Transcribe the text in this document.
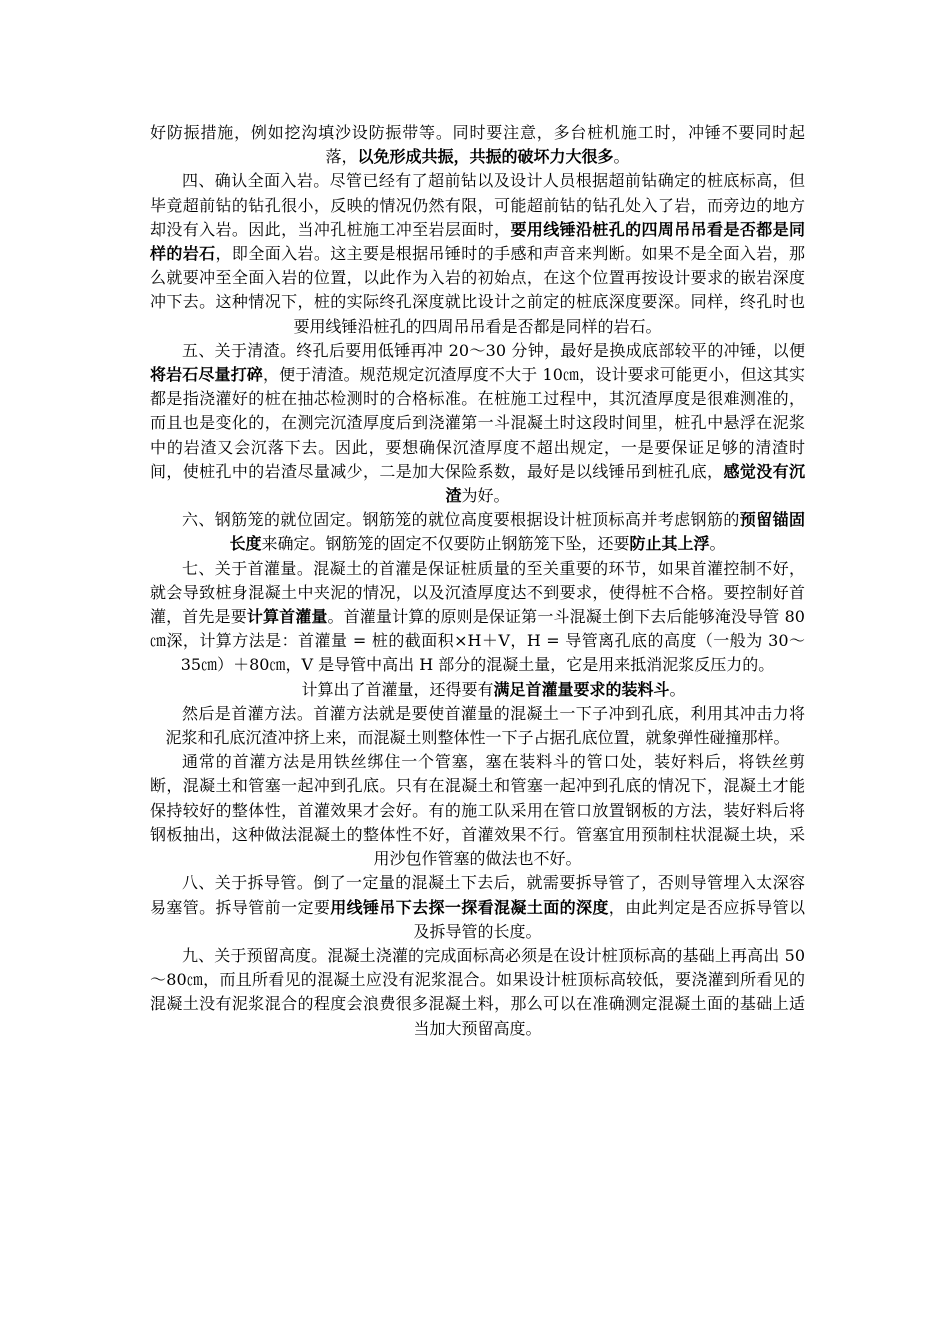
好防振措施，例如挖沟填沙设防振带等。同时要注意，多台桩机施工时，冲锤不要同时起落，以免形成共振，共振的破坏力大很多。

四、确认全面入岩。尽管已经有了超前钻以及设计人员根据超前钻确定的桩底标高，但毕竟超前钻的钻孔很小，反映的情况仍然有限，可能超前钻的钻孔处入了岩，而旁边的地方却没有入岩。因此，当冲孔桩施工冲至岩层面时，要用线锤沿桩孔的四周吊吊看是否都是同样的岩石，即全面入岩。这主要是根据吊锤时的手感和声音来判断。如果不是全面入岩，那么就要冲至全面入岩的位置，以此作为入岩的初始点，在这个位置再按设计要求的嵌岩深度冲下去。这种情况下，桩的实际终孔深度就比设计之前定的桩底深度要深。同样，终孔时也要用线锤沿桩孔的四周吊吊看是否都是同样的岩石。

五、关于清渣。终孔后要用低锤再冲 20～30 分钟，最好是换成底部较平的冲锤，以便将岩石尽量打碎，便于清渣。规范规定沉渣厚度不大于 10㎝，设计要求可能更小，但这其实都是指浇灌好的桩在抽芯检测时的合格标准。在桩施工过程中，其沉渣厚度是很难测准的，而且也是变化的，在测完沉渣厚度后到浇灌第一斗混凝土时这段时间里，桩孔中悬浮在泥浆中的岩渣又会沉落下去。因此，要想确保沉渣厚度不超出规定，一是要保证足够的清渣时间，使桩孔中的岩渣尽量减少，二是加大保险系数，最好是以线锤吊到桩孔底，感觉没有沉渣为好。

六、钢筋笼的就位固定。钢筋笼的就位高度要根据设计桩顶标高并考虑钢筋的预留锚固长度来确定。钢筋笼的固定不仅要防止钢筋笼下坠，还要防止其上浮。

七、关于首灌量。混凝土的首灌是保证桩质量的至关重要的环节，如果首灌控制不好，就会导致桩身混凝土中夹泥的情况，以及沉渣厚度达不到要求，使得桩不合格。要控制好首灌，首先是要计算首灌量。首灌量计算的原则是保证第一斗混凝土倒下去后能够淹没导管 80㎝深，计算方法是：首灌量 = 桩的截面积×H＋V，H = 导管离孔底的高度（一般为 30～35㎝）＋80㎝，V 是导管中高出 H 部分的混凝土量，它是用来抵消泥浆反压力的。

计算出了首灌量，还得要有满足首灌量要求的装料斗。

然后是首灌方法。首灌方法就是要使首灌量的混凝土一下子冲到孔底，利用其冲击力将泥浆和孔底沉渣冲挤上来，而混凝土则整体性一下子占据孔底位置，就象弹性碰撞那样。

通常的首灌方法是用铁丝绑住一个管塞，塞在装料斗的管口处，装好料后，将铁丝剪断，混凝土和管塞一起冲到孔底。只有在混凝土和管塞一起冲到孔底的情况下，混凝土才能保持较好的整体性，首灌效果才会好。有的施工队采用在管口放置钢板的方法，装好料后将钢板抽出，这种做法混凝土的整体性不好，首灌效果不行。管塞宜用预制柱状混凝土块，采用沙包作管塞的做法也不好。

八、关于拆导管。倒了一定量的混凝土下去后，就需要拆导管了，否则导管埋入太深容易塞管。拆导管前一定要用线锤吊下去探一探看混凝土面的深度，由此判定是否应拆导管以及拆导管的长度。

九、关于预留高度。混凝土浇灌的完成面标高必须是在设计桩顶标高的基础上再高出 50～80㎝，而且所看见的混凝土应没有泥浆混合。如果设计桩顶标高较低，要浇灌到所看见的混凝土没有泥浆混合的程度会浪费很多混凝土料，那么可以在准确测定混凝土面的基础上适当加大预留高度。
